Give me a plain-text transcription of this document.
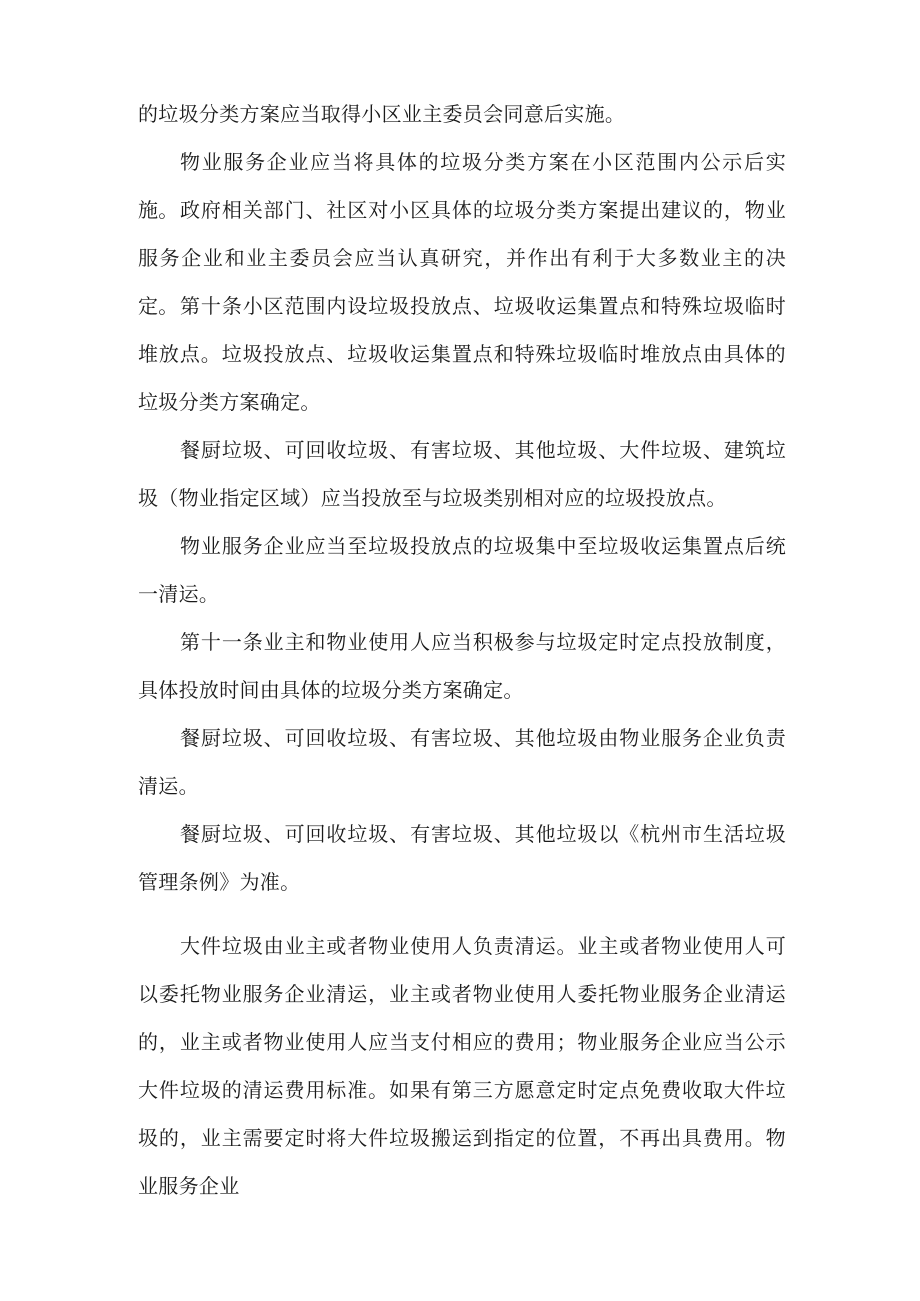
的垃圾分类方案应当取得小区业主委员会同意后实施。

物业服务企业应当将具体的垃圾分类方案在小区范围内公示后实施。 政府相关部门、社区对小区具体的垃圾分类方案提出建议的，物业服务企业和业主委员会应当认真研究，并作出有利于大多数业主的决定。 第十条小区范围内设垃圾投放点、垃圾收运集置点和特殊垃圾临时堆放点。垃圾投放点、垃圾收运集置点和特殊垃圾临时堆放点由具体的垃圾分类方案确定。

餐厨垃圾、可回收垃圾、有害垃圾、其他垃圾、大件垃圾、建筑垃圾（物业指定区域）应当投放至与垃圾类别相对应的垃圾投放点。

物业服务企业应当至垃圾投放点的垃圾集中至垃圾收运集置点后统一清运。

第十一条业主和物业使用人应当积极参与垃圾定时定点投放制度，具体投放时间由具体的垃圾分类方案确定。

餐厨垃圾、可回收垃圾、有害垃圾、其他垃圾由物业服务企业负责清运。

餐厨垃圾、可回收垃圾、有害垃圾、其他垃圾以《杭州市生活垃圾管理条例》为准。

大件垃圾由业主或者物业使用人负责清运。业主或者物业使用人可以委托物业服务企业清运，业主或者物业使用人委托物业服务企业清运的，业主或者物业使用人应当支付相应的费用；物业服务企业应当公示大件垃圾的清运费用标准。如果有第三方愿意定时定点免费收取大件垃圾的，业主需要定时将大件垃圾搬运到指定的位置，不再出具费用。物业服务企业
